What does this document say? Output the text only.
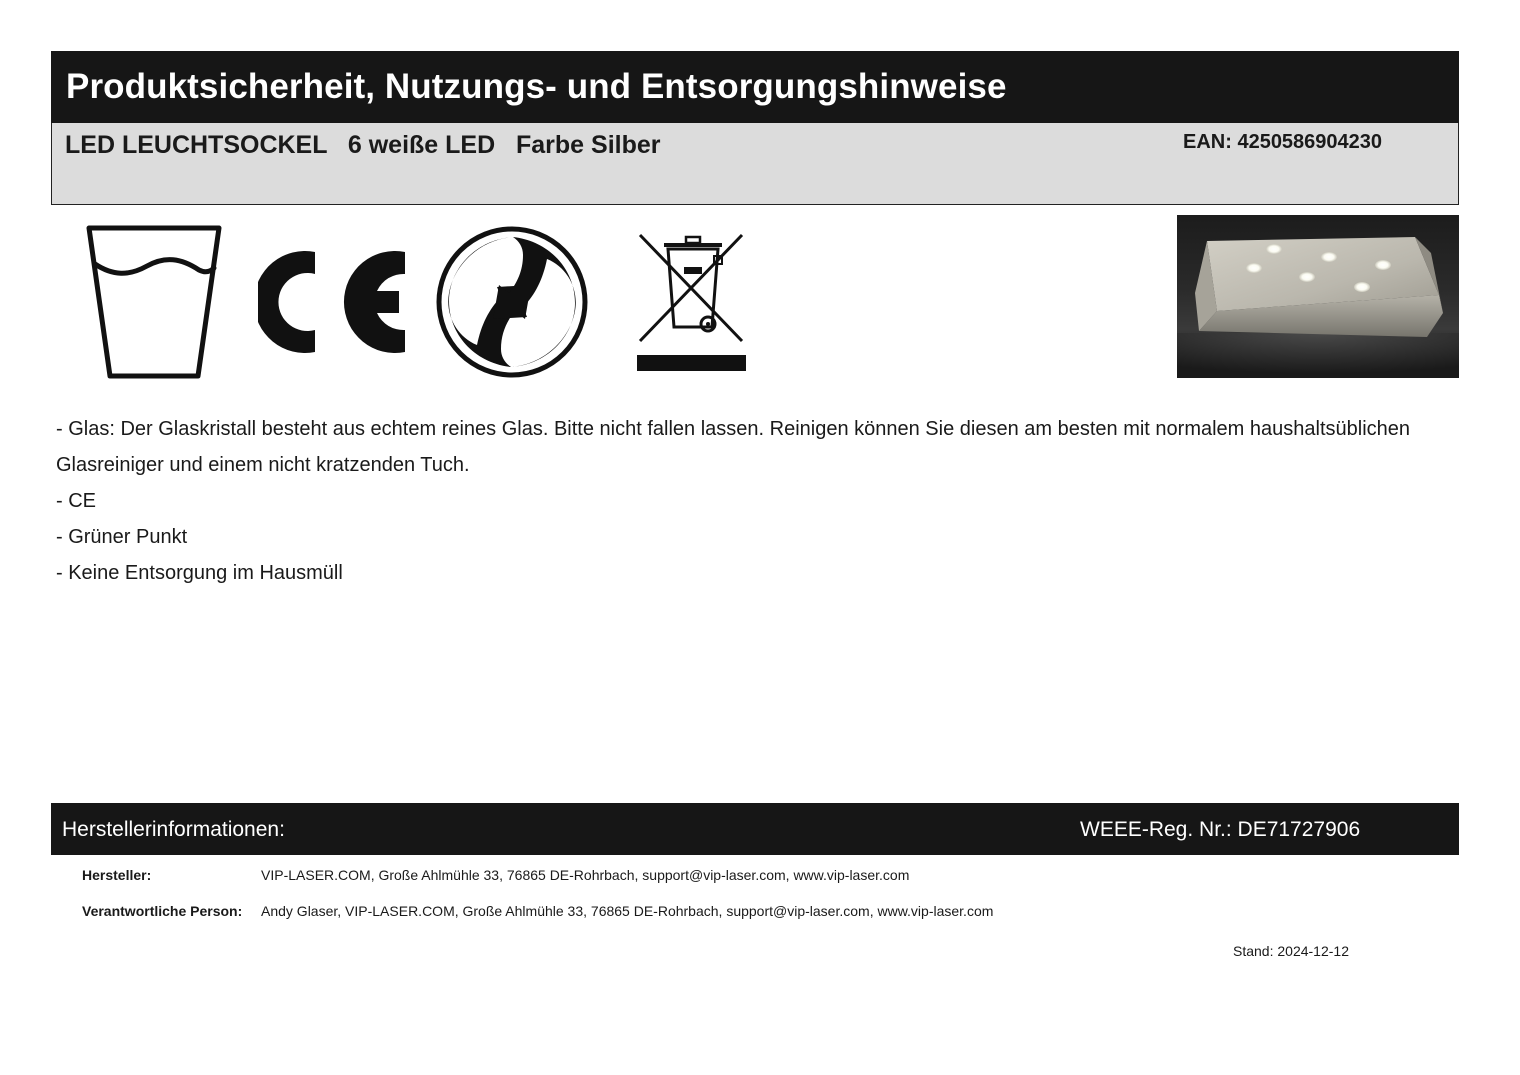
Produktsicherheit, Nutzungs- und Entsorgungshinweise
LED LEUCHTSOCKEL   6 weiße LED   Farbe Silber	EAN: 4250586904230

- Glas: Der Glaskristall besteht aus echtem reines Glas. Bitte nicht fallen lassen. Reinigen können Sie diesen am besten mit normalem haushaltsüblichen Glasreiniger und einem nicht kratzenden Tuch.

- CE

- Grüner Punkt

- Keine Entsorgung im Hausmüll

Herstellerinformationen:	WEEE-Reg. Nr.: DE71727906
Hersteller:	VIP-LASER.COM, Große Ahlmühle 33, 76865 DE-Rohrbach, support@vip-laser.com, www.vip-laser.com
Verantwortliche Person: Andy Glaser, VIP-LASER.COM, Große Ahlmühle 33, 76865 DE-Rohrbach, support@vip-laser.com, www.vip-laser.com
Stand: 2024-12-12
